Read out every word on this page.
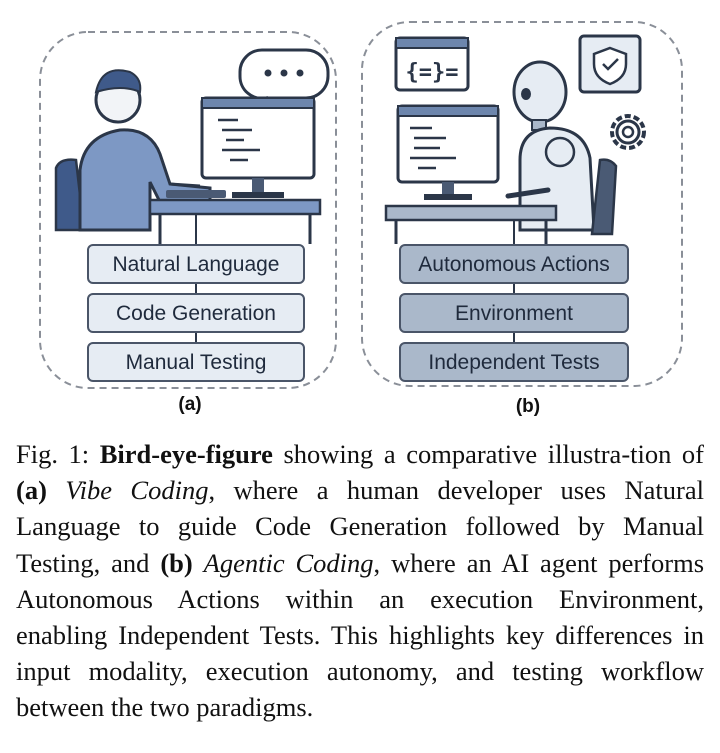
Natural Language
Code Generation
Manual Testing
(a)
{=}=
Autonomous Actions
Environment
Independent Tests
(b)

Fig. 1: Bird-eye-figure showing a comparative illustra-tion of (a) Vibe Coding, where a human developer uses Natural Language to guide Code Generation followed by Manual Testing, and (b) Agentic Coding, where an AI agent performs Autonomous Actions within an execution Environment, enabling Independent Tests. This highlights key differences in input modality, execution autonomy, and testing workflow between the two paradigms.
